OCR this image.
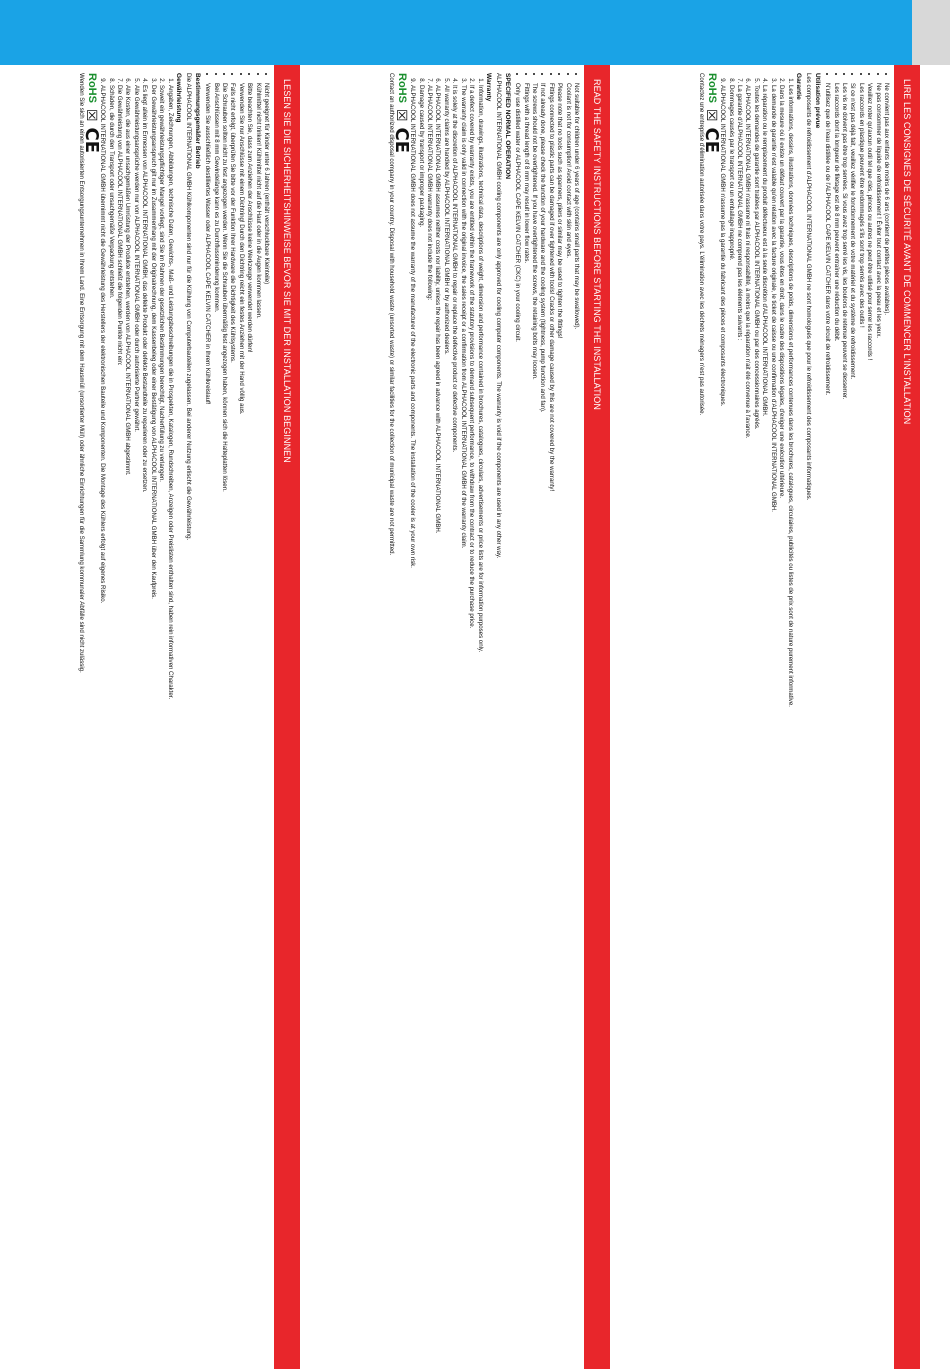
LESEN SIE DIE SICHERHEITSHINWEISE BEVOR SIE MIT DER INSTALLATION BEGINNEN
• Nicht geeignet für Kinder unter 6 Jahren (enthält verschluckbare Kleinteile)
• Kühlmittel nicht trinken! Kühlmittel nicht auf die Haut oder in die Augen kommen lassen.
• Bitte beachten Sie, dass zum Anziehen der Anschlüsse keine Werkzeuge verwendet werden dürfen!
• Verwenden Sie nur Anschlüsse mit einem Dichtring! Durch den Dichtring reicht ein festes Anziehen mit der Hand völlig aus.
• Falls nicht erfolgt, überprüfen Sie bitte vor der Funktion Ihrer Hardware die Dichtigkeit des Kühlsystems.
• Die Schrauben sollten nicht zu fest angezogen werden. Wenn Sie die Schrauben übermäßig fest angezogen haben, können sich die Halteplatten lösen.
• Bei Anschlüssen mit 8 mm Gewindelänge kann es zu Durchflussminderung kommen.
• Verwenden Sie ausschließlich destilliertes Wasser oder ALPHACOOL CAPE KELVIN CATCHER in Ihrem Kühlkreislauf!
Bestimmungsgemäßer Betrieb

Die ALPHACOOL INTERNATIONAL GMBH Kühlkomponenten sind nur für die Kühlung von Computerbauteilen zugelassen. Bei anderer Nutzung erlischt die Gewährleistung.

Gewährleistung
1. Angaben, Zeichnungen, Abbildungen, technische Daten, Gewichts-, Maß- und Leistungsbeschreibungen die in Prospekten, Katalogen, Rundschreiben, Anzeigen oder Preislisten enthalten sind, haben rein informativen Charakter.
2. Soweit ein gewährleistungspflichtiger Mangel vorliegt, sind Sie im Rahmen der gesetzlichen Bestimmungen berechtigt, Nacherfüllung zu verlangen.
3. Der Gewährleistungsanspruch gilt nur im Zusammenhang mit der Originalrechnung, dem Kassenbeleg oder einer Bestätigung von ALPHACOOL INTERNATIONAL GMBH über den Kaufpreis.
4. Es liegt allein im Ermessen von ALPHACOOL INTERNATIONAL GMBH, das defekte Produkt oder defekte Bestandteile zu reparieren oder zu ersetzen.
5. Alle Gewährleistungsansprüche werden nur von ALPHACOOL INTERNATIONAL GMBH oder durch autorisierte Partner gewährt.
6. Alle Kosten, die aus einer unsachgemäßen Umrüstung der Produkte entstehen, werden von ALPHACOOL INTERNATIONAL GMBH abgestimmt.
7. Die Gewährleistung von ALPHACOOL INTERNATIONAL GMBH schließt die folgenden Punkte nicht ein:
8. Schäden, die durch den Transport oder unsachgemäße Verpackung entstehen.
9. ALPHACOOL INTERNATIONAL GMBH übernimmt nicht die Gewährleistung des Herstellers der elektronischen Bauteile und Komponenten. Die Montage des Kühlers erfolgt auf eigenes Risiko.
RoHS
☒
CE

Wenden Sie sich an einen autorisierten Entsorgungsunternehmen in Ihrem Land. Eine Entsorgung mit dem Hausmüll (unsortierter Müll) oder ähnliche Einrichtungen für die Sammlung kommunaler Abfälle sind nicht zulässig.	READ THE SAFETY INSTRUCTIONS BEFORE STARTING THE INSTALLATION
• Not suitable for children under 6 years of age (contains small parts that may be swallowed).
• Coolant is not for consumption! Avoid contact with skin and eyes.
• Please note that no tools such as spanners, pliers or similar may be used to tighten the fittings!
• Fittings connected to plastic parts can be damaged if over tightened with tools! Cracks or other damage caused by this are not covered by the warranty!
• If not already done, please check the function of your hardware and the cooling system (tightness, pump function and fan).
• The screws should not be overtightened. If you have overtightened the screws, the retaining bolts may loosen.
• Fittings with a thread length of 8 mm may result in lower flow rates.
• Only use distilled water or ALPHACOOL CAPE KELVIN CATCHER (CKC) in your cooling circuit.
SPECIFIED NORMAL OPERATION

ALPHACOOL INTERNATIONAL GMBH cooling components are only approved for cooling computer components. The warranty is void if the components are used in any other way.

Warranty
1. Information, drawings, illustrations, technical data, descriptions of weight, dimension and performance contained in brochures, catalogues, circulars, advertisements or price lists are for information purposes only.
2. If a defect covered by warranty exists, you are entitled within the framework of the statutory provisions to demand subsequent performance, to withdraw from the contract or to reduce the purchase price.
3. The warranty claim is only valid in connection with the original invoice, the sales receipt or a confirmation from ALPHACOOL INTERNATIONAL GMBH of the warranty claim.
4. It is solely at the discretion of ALPHACOOL INTERNATIONAL GMBH to repair or replace the defective product or defective components.
5. All warranty claims are handled by ALPHACOOL INTERNATIONAL GMBH or by authorized dealers.
6. ALPHACOOL INTERNATIONAL GMBH assumes neither costs nor liability, unless the repair has been agreed in advance with ALPHACOOL INTERNATIONAL GMBH.
7. ALPHACOOL INTERNATIONAL GMBH warranty does not include the following:
8. Damage caused by transport or improper packaging.
9. ALPHACOOL INTERNATIONAL GMBH does not assume the warranty of the manufacturer of the electronic parts and components. The installation of the cooler is at your own risk.
RoHS
☒
CE

Contact an authorized disposal company in your country. Disposal with household waste (unsorted waste) or similar facilities for the collection of municipal waste are not permitted.	LIRE LES CONSIGNES DE SÉCURITÉ AVANT DE COMMENCER L'INSTALLATION
• Ne convient pas aux enfants de moins de 6 ans (contient de petites pièces avalables).
• Ne pas consommer de liquide de refroidissement ! Éviter tout contact avec la peau et les yeux.
• Veuillez noter qu'aucun outil tel que clés, pinces ou autres ne peut être utilisé pour serrer les raccords !
• Les raccords en plastique peuvent être endommagés s'ils sont trop serrés avec des outils !
• Si ce n'est pas déjà fait, veuillez vérifier le fonctionnement de votre matériel et du système de refroidissement.
• Les vis ne doivent pas être trop serrées. Si vous avez trop serré les vis, les boulons de retenue peuvent se desserrer.
• Les raccords dont la longueur de filetage est de 8 mm peuvent entraîner une réduction du débit.
• N'utilisez que de l'eau distillée ou de l'ALPHACOOL CAPE KELVIN CATCHER dans votre circuit de refroidissement.
Utilisation prévue

Les composants de refroidissement d'ALPHACOOL INTERNATIONAL GMBH ne sont homologués que pour le refroidissement des composants informatiques.

Garantie
1. Les informations, dessins, illustrations, données techniques, descriptions de poids, dimensions et performances contenues dans les brochures, catalogues, circulaires, publicités ou listes de prix sont de nature purement informative.
2. Dans la mesure où il existe un défaut couvert par la garantie, vous êtes en droit, dans le cadre des dispositions légales, d'exiger une exécution ultérieure.
3. La demande de garantie n'est valable qu'en relation avec la facture originale, le ticket de caisse ou une confirmation d'ALPHACOOL INTERNATIONAL GMBH.
4. La réparation ou le remplacement du produit défectueux est à la seule discrétion d'ALPHACOOL INTERNATIONAL GMBH.
5. Toutes les demandes de garantie sont traitées par ALPHACOOL INTERNATIONAL GMBH ou par des concessionnaires agréés.
6. ALPHACOOL INTERNATIONAL GMBH n'assume ni frais ni responsabilité, à moins que la réparation n'ait été convenue à l'avance.
7. La garantie d'ALPHACOOL INTERNATIONAL GMBH ne comprend pas les éléments suivants :
8. Dommages causés par le transport ou un emballage inapproprié.
9. ALPHACOOL INTERNATIONAL GMBH n'assume pas la garantie du fabricant des pièces et composants électroniques.
RoHS
☒
CE

Contactez une entreprise d'élimination autorisée dans votre pays. L'élimination avec les déchets ménagers n'est pas autorisée.
